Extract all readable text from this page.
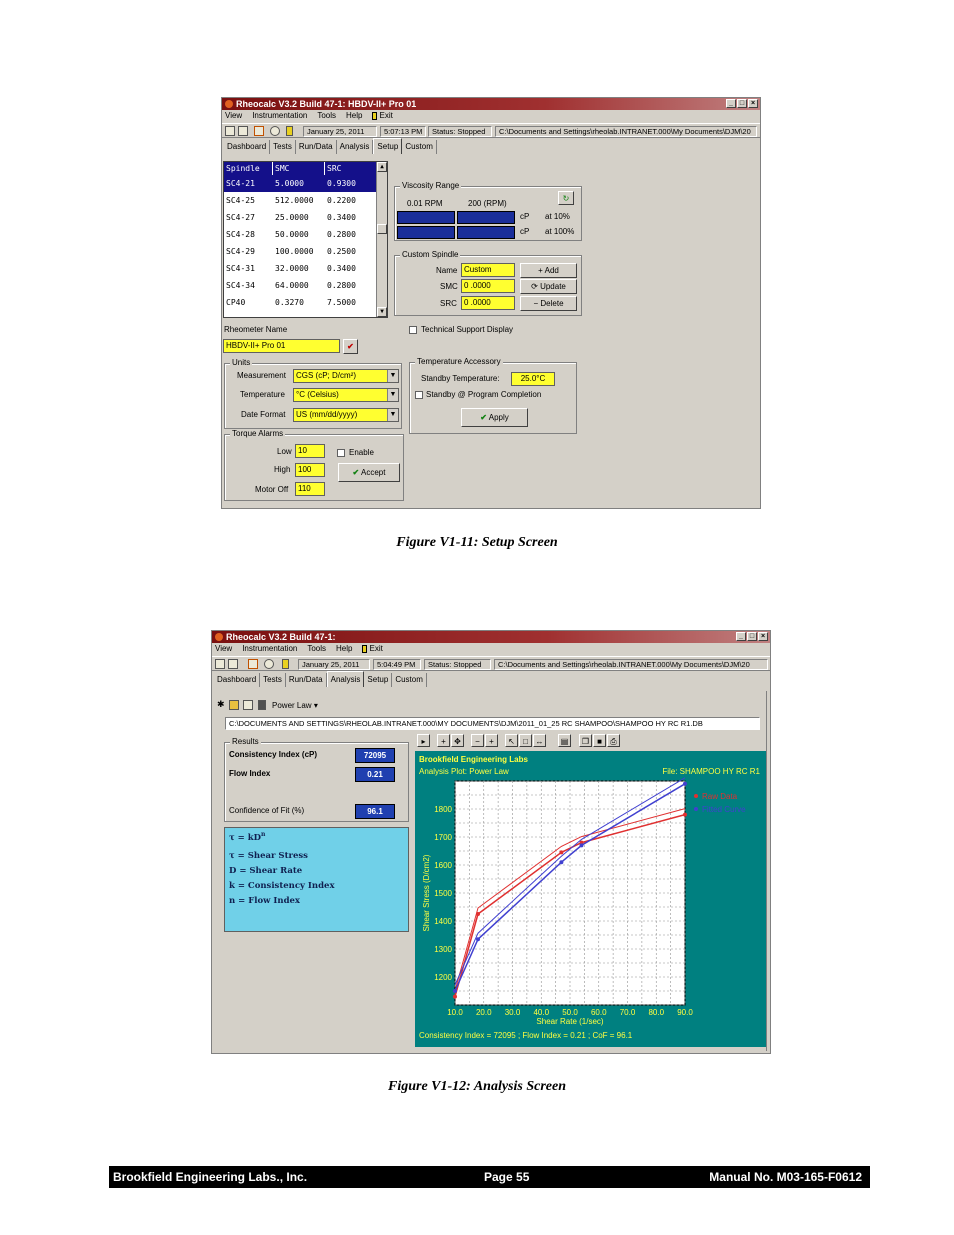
Rheocalc V3.2 Build 47-1: HBDV-II+ Pro 01	_ □ ×
View Instrumentation Tools Help	Exit
January 25, 2011	5:07:13 PM	Status: Stopped	C:\Documents and Settings\rheolab.INTRANET.000\My Documents\DJM\20
Dashboard Tests Run/Data Analysis	Setup Custom
Spindle	SMC	SRC
SC4-21	5.0000	0.9300
SC4-25	512.0000	0.2200
SC4-27	25.0000	0.3400
SC4-28	50.0000	0.2800
SC4-29	100.0000	0.2500
SC4-31	32.0000	0.3400
SC4-34	64.0000	0.2800
CP40	0.3270	7.5000
▲
▼
Viscosity Range
↻
0.01 RPM	200 (RPM)
cP at 10%
cP at 100%
Custom Spindle
Name Custom
SMC 0 .0000
SRC 0 .0000
+ Add
⟳ Update
− Delete
Technical Support Display
Rheometer Name
HBDV-II+ Pro 01	✔
Units
Measurement	CGS (cP; D/cm²)	▼
Temperature	°C (Celsius)	▼
Date Format	US (mm/dd/yyyy)	▼
Temperature Accessory
Standby Temperature:	25.0°C
Standby @ Program Completion
✔ Apply
Torque Alarms
Low 10
High 100
Motor Off	110
Enable
✔ Accept
Figure V1-11: Setup Screen
Rheocalc V3.2 Build 47-1:	_ □ ×
View Instrumentation Tools Help	Exit
January 25, 2011	5:04:49 PM	Status: Stopped	C:\Documents and Settings\rheolab.INTRANET.000\My Documents\DJM\20
Dashboard Tests Run/Data	Analysis Setup Custom
✱	Power Law ▾
C:\DOCUMENTS AND SETTINGS\RHEOLAB.INTRANET.000\MY DOCUMENTS\DJM\2011_01_25 RC SHAMPOO\SHAMPOO HY RC R1.DB
Results
Consistency Index (cP)	72095
Flow Index	0.21
Confidence of Fit (%)	96.1
$\tau = kD^n$
τ = Shear Stress
D = Shear Rate
k = Consistency Index
n = Flow Index
▸	+	✥	−	+	↖	□ ↔	▤	❐	■	⎙
Brookfield Engineering Labs
Analysis Plot: Power Law	File: SHAMPOO HY RC R1
Consistency Index = 72095 ; Flow Index = 0.21 ; CoF = 96.1
10.0 20.0 30.0 40.0 50.0 60.0 70.0 80.0 90.0
1200
1300
1400
1500
1600
1700
1800
Shear Rate (1/sec)
Shear Stress (D/cm2)
Raw Data
Fitted Curve
Figure V1-12: Analysis Screen
Brookfield Engineering Labs., Inc.	Page 55	Manual No. M03-165-F0612
